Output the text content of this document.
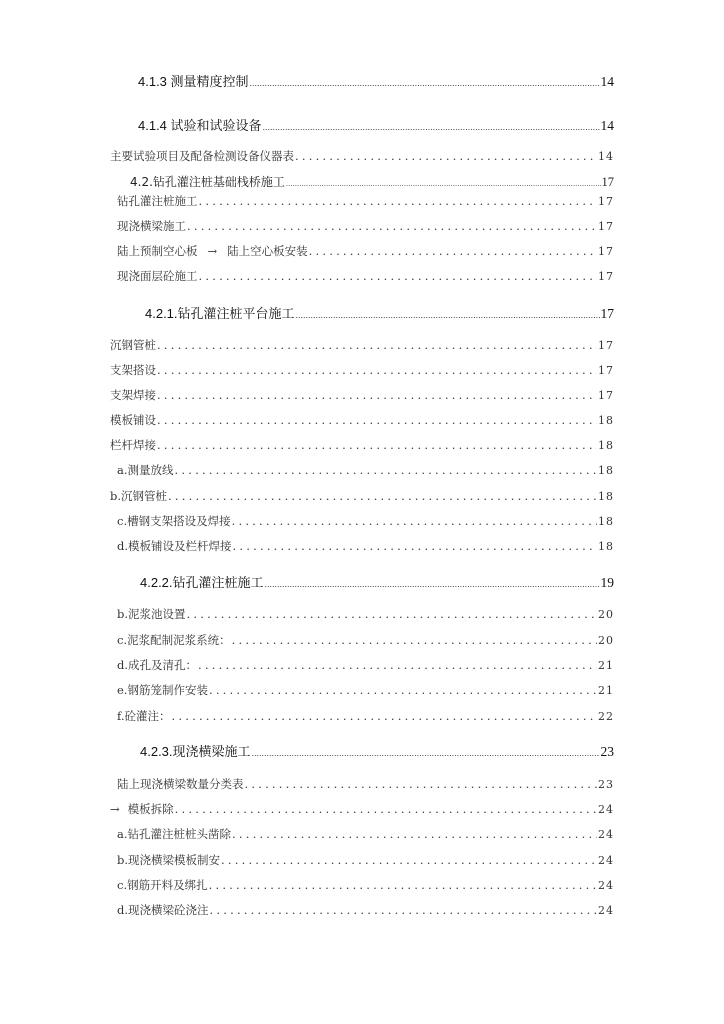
4.1.3 测量精度控制 .....	14
4.1.4 试验和试验设备 .....	14
主要试验项目及配备检测设备仪器表 .....	14
4.2.钻孔灌注桩基础栈桥施工 .....	17
钻孔灌注桩施工 .....	17
现浇横梁施工 .....	17
陆上预制空心板 → 陆上空心板安装 .....	17
现浇面层砼施工 .....	17
4.2.1.钻孔灌注桩平台施工 .....	17
沉钢管桩 .....	17
支架搭设 .....	17
支架焊接 .....	17
模板铺设 .....	18
栏杆焊接 .....	18
a.测量放线 .....	18
b.沉钢管桩 .....	18
c.槽钢支架搭设及焊接 .....	18
d.模板铺设及栏杆焊接 .....	18
4.2.2.钻孔灌注桩施工 .....	19
b.泥浆池设置 .....	20
c.泥浆配制泥浆系统： .....	20
d.成孔及清孔： .....	21
e.钢筋笼制作安装 .....	21
f.砼灌注： .....	22
4.2.3.现浇横梁施工 .....	23
陆上现浇横梁数量分类表 .....	23
→ 模板拆除 .....	24
a.钻孔灌注桩桩头凿除 .....	24
b.现浇横梁模板制安 .....	24
c.钢筋开料及绑扎 .....	24
d.现浇横梁砼浇注 .....	24
